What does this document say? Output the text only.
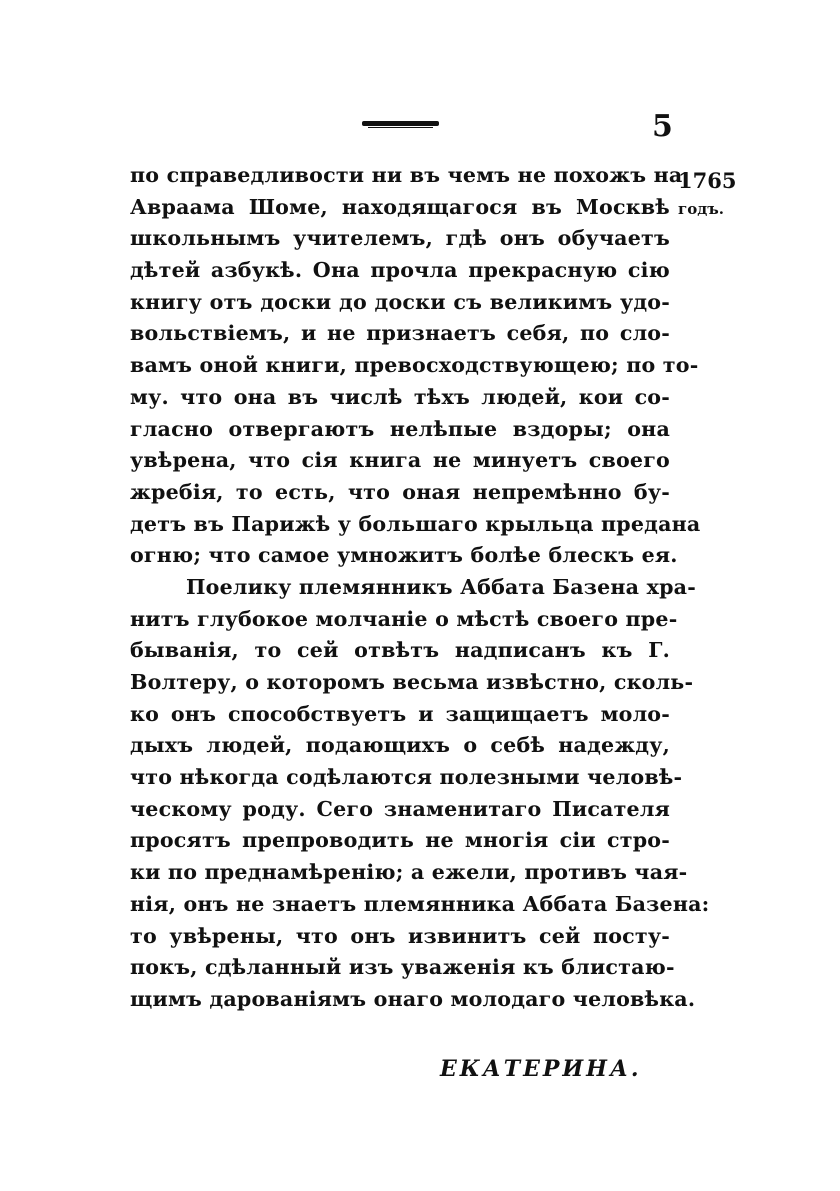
5
1765
годъ.
по справедливости ни въ чемъ не похожъ на
Авраама Шоме, находящагося въ Москвѣ
школьнымъ учителемъ, гдѣ онъ обучаетъ
дѣтей азбукѣ. Она прочла прекрасную сію
книгу отъ доски до доски съ великимъ удо-
вольствіемъ, и не признаетъ себя, по сло-
вамъ оной книги, превосходствующею; по то-
му. что она въ числѣ тѣхъ людей, кои со-
гласно отвергаютъ нелѣпые вздоры; она
увѣрена, что сія книга не минуетъ своего
жребія, то есть, что оная непремѣнно бу-
детъ въ Парижѣ у большаго крыльца предана
огню; что самое умножитъ болѣе блескъ ея.
Поелику племянникъ Аббата Базена хра-
нитъ глубокое молчаніе о мѣстѣ своего пре-
быванія, то сей отвѣтъ надписанъ къ Г.
Волтеру, о которомъ весьма извѣстно, сколь-
ко онъ способствуетъ и защищаетъ моло-
дыхъ людей, подающихъ о себѣ надежду,
что нѣкогда содѣлаются полезными человѣ-
ческому роду. Сего знаменитаго Писателя
просятъ препроводить не многія сіи стро-
ки по преднамѣренію; а ежели, противъ чая-
нія, онъ не знаетъ племянника Аббата Базена:
то увѣрены, что онъ извинитъ сей посту-
покъ, сдѣланный изъ уваженія къ блистаю-
щимъ дарованіямъ онаго молодаго человѣка.
ЕКАТЕРИНА.
